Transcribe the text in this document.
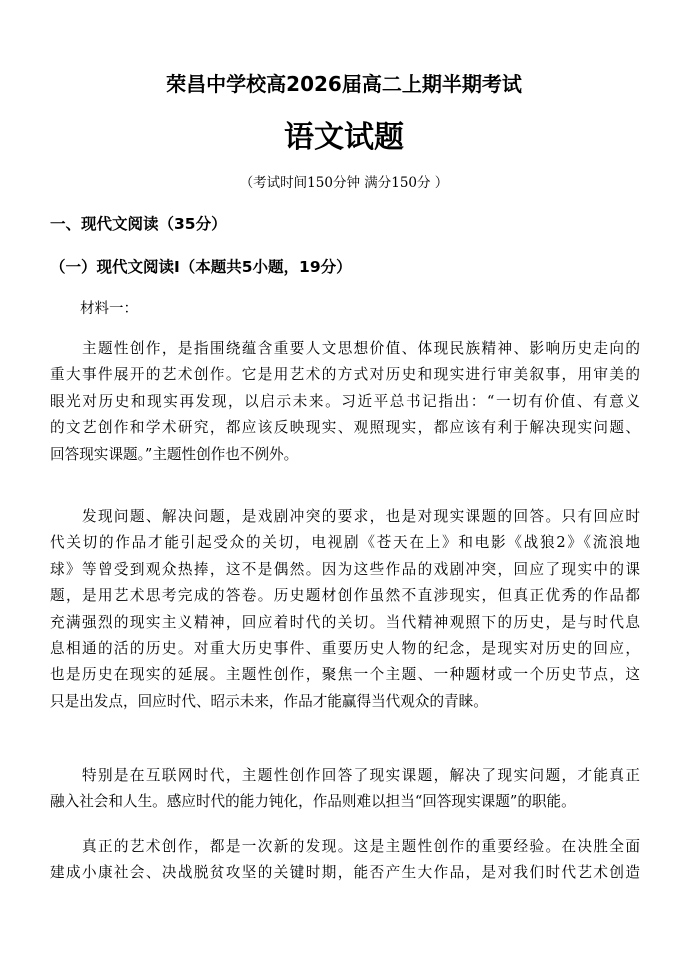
荣昌中学校高2026届高二上期半期考试
语文试题
（考试时间150分钟 满分150分 ）
一、现代文阅读（35分）
（一）现代文阅读Ⅰ（本题共5小题，19分）
材料一：
　　主题性创作，是指围绕蕴含重要人文思想价值、体现民族精神、影响历史走向的
重大事件展开的艺术创作。它是用艺术的方式对历史和现实进行审美叙事，用审美的
眼光对历史和现实再发现，以启示未来。习近平总书记指出：“一切有价值、有意义
的文艺创作和学术研究，都应该反映现实、观照现实，都应该有利于解决现实问题、
回答现实课题。”主题性创作也不例外。
　　发现问题、解决问题，是戏剧冲突的要求，也是对现实课题的回答。只有回应时
代关切的作品才能引起受众的关切，电视剧《苍天在上》和电影《战狼2》《流浪地
球》等曾受到观众热捧，这不是偶然。因为这些作品的戏剧冲突，回应了现实中的课
题，是用艺术思考完成的答卷。历史题材创作虽然不直涉现实，但真正优秀的作品都
充满强烈的现实主义精神，回应着时代的关切。当代精神观照下的历史，是与时代息
息相通的活的历史。对重大历史事件、重要历史人物的纪念，是现实对历史的回应，
也是历史在现实的延展。主题性创作，聚焦一个主题、一种题材或一个历史节点，这
只是出发点，回应时代、昭示未来，作品才能赢得当代观众的青睐。
　　特别是在互联网时代，主题性创作回答了现实课题，解决了现实问题，才能真正
融入社会和人生。感应时代的能力钝化，作品则难以担当“回答现实课题”的职能。
　　真正的艺术创作，都是一次新的发现。这是主题性创作的重要经验。在决胜全面
建成小康社会、决战脱贫攻坚的关键时期，能否产生大作品，是对我们时代艺术创造
